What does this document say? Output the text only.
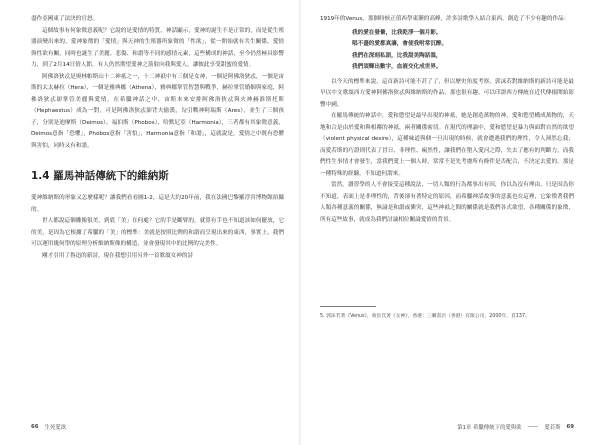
盡作亞國東了法決的官怒。

這個故事有何象徵意義呢？它說的是愛情的特質，神話顯示，愛神的誕生不是正常的，而是從生殖器演變出來的，愛神象徵的「愛情」與天神的生殖器所象徵的「性欲」，從一開始就有共生關係，愛情與性欲有關，同時也誕生了美麗、悲傷、和諧等不同的感情元素，這些構成的神話，至今仍然極具影響力，到了2月14日情人節，有人仍然期望愛神之箭射向我與愛人，讓彼此享受甜蜜的愛情。

阿佛洛狄忒是奧林帕斯山十二神祇之一，十二神祇中有三個是女神，一個是阿佛洛狄忒，一個是宙斯的太太赫拉（Hera），一個是雅典娜（Athena），雅典娜掌管智慧與戰爭，赫拉掌管婚姻與家庭，阿佛洛狄忒卻掌管美麗與愛情。在希臘神話之中，宙斯本來安排阿佛洛狄忒與火神赫淮斯托斯（Hephaestus）成為一對，可是阿佛洛狄忒卻背夫偷漢，勾引戰神阿瑞斯（Ares），並生了三個孩子，分別是迪摩斯（Deimos）、福伯斯（Phobos）、哈默尼亞（Harmonia），三者都有其象徵意義，Deimos意指「恐懼」，Phobos意指「害怕」，Harmonia意指「和諧」，這就說是，愛情之中既有恐懼與害怕，同時又有和諧。

1.4 羅馬神話傳統下的維納斯

愛神維納斯的形象又怎麼樣呢？讓我們看看圖1-2，這是大約20年前，我在法國巴黎羅浮宮博物館拍攝的。

世人都說這個雕像很美，到底「美」在何處？它的手是斷臂的，就算有手也不知道該如何擺放，它的美，是因為它根據了希臘的「美」的標準：美就是按照比例的和諧而呈現出來的東西，事實上，我們可以運用幾何學的原理分析維納斯像的構造，並會發現其中的比例的完美性。

剛才引用了魯迅的新詩，現在我想引用另外一首歌頌女神的詩

66 生死愛欲

1919年的Venus，那個時候正值西學東漸的高峰，許多詩歌學人結合東西，創造了不少有趣的作品：

我的愛在發暈，比我乾淨一個月影。
唱不盡的愛都真濤，會使我咐常沉醉。
我們在深刻私語，比我甜美陶話溫，
我們須輝出數字，血液交化成世界。

以今天的標準來說，這首新詩可能不甚了了，但以歷史角度考察，郭沫若對維納斯的新詩可能是最早以中文歌頌西方愛神阿佛洛狄忒與維納斯的作品，那也很有趣，可以印證西方傳統在近代傳揚開始影響中國。

在羅馬傳統的神話中，愛和慾望是最早出現的神祇，她是創造萬物的神，愛和慾望構成萬物的，天地和合是由於愛和與相鄰的神祇，兩者關係密切。在現代的理論中，愛和慾望是暴力與面對自然的欲望（violent physical desire），這種味道與個一旦出現的時候，就會遭遇我們的理性，令人渾然忘我；而愛若斯的巧證則代表了冒日、非理性、瘋然性，讓我們在墮入愛河之際，失去了應有的判斷力，而我們性生事情才會發生，當我們愛上一個人時，常常不是先考慮所有條件是否配合，不決定去愛的，那是一種特殊的經驗，不知道何謂來。

當然，讀習學的人不會接受這種說法，一切人類的行為都事出有因，你以為沒有理由，只是因為你不知道，表面上是非理性的，背後卻有著特定的原因，而希臘神話故事的意義也在這裡，它象徵著我們人類各種意義的關係，無論是和諧或衝突，這些神祇之間的關係就是我們各式欲望，各種關係的象徵，所有這些故事，就成為我們討論相位關論愛情的背景。

5. 郭沫若著《Venus》，收於氏著《女神》，香港：三聯書店（香港）有限公司，2000年，頁137。
第1章 希臘傳統下的愛與欲 —— 愛若斯 69
